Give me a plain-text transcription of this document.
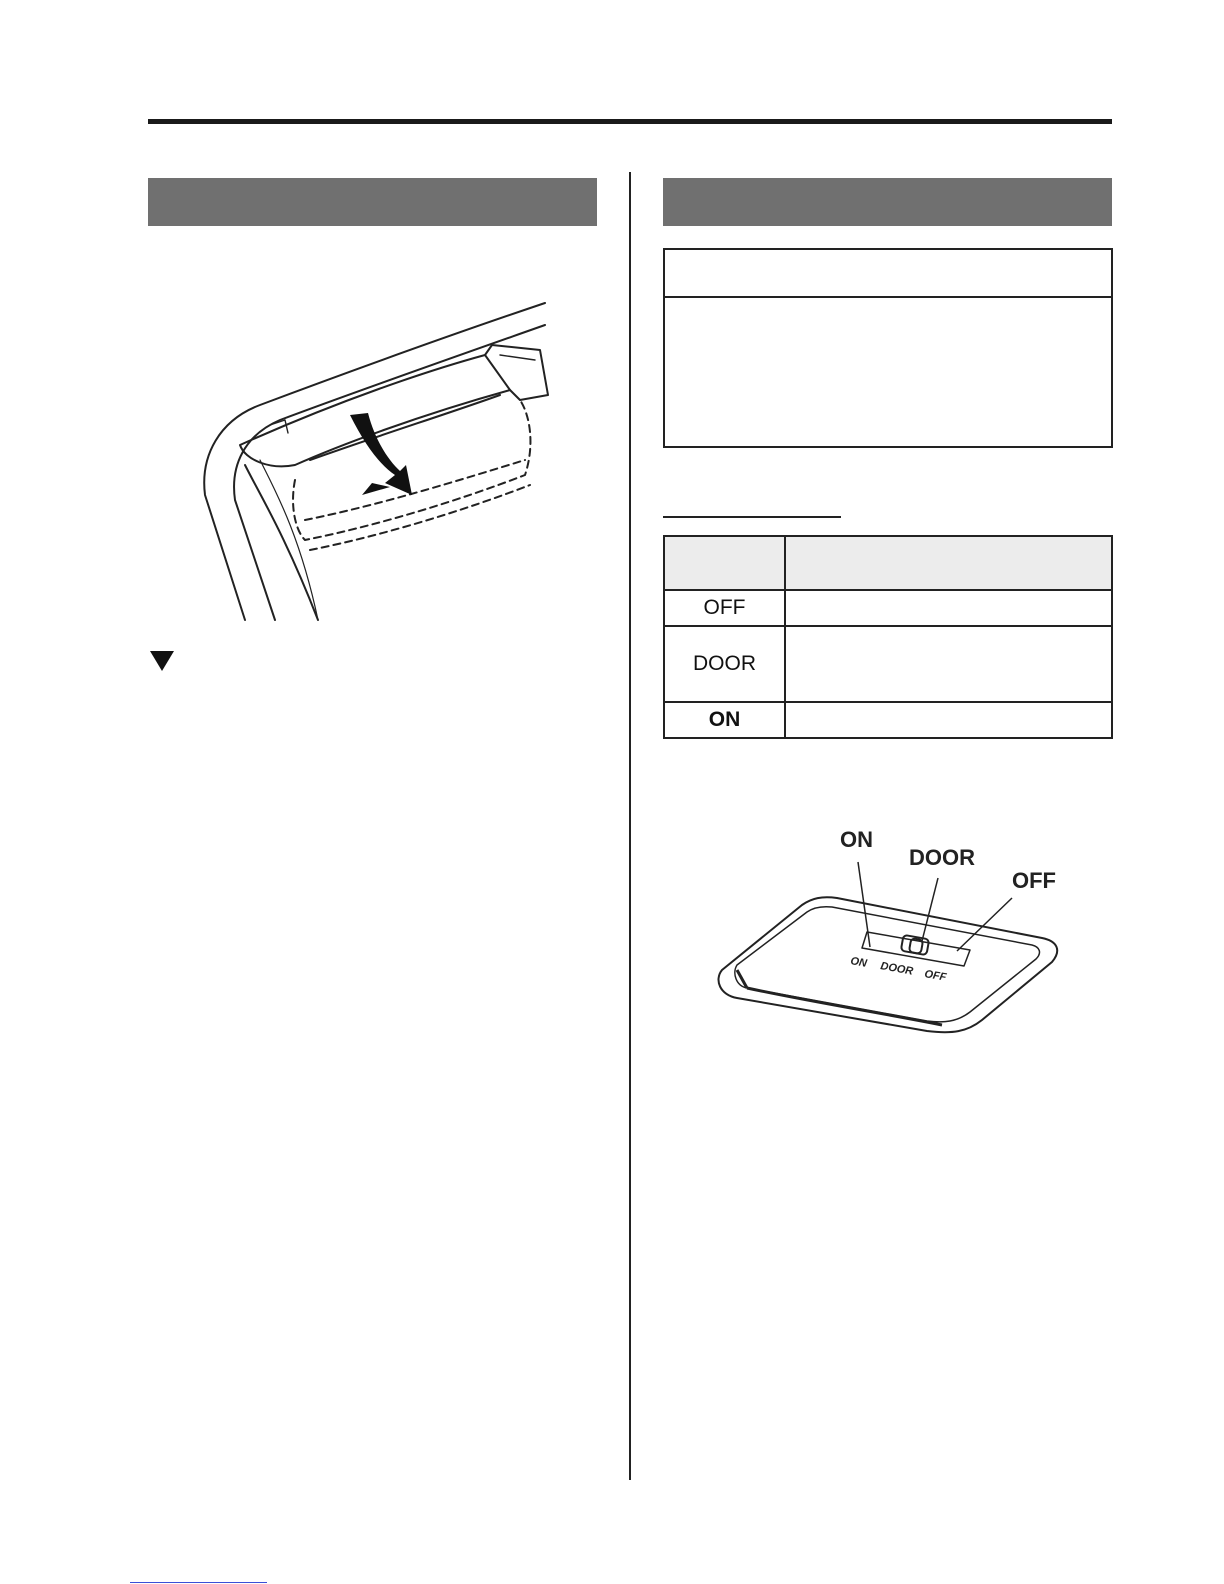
OFF	
DOOR	
ON	
ON
DOOR
OFF
ON DOOR OFF
